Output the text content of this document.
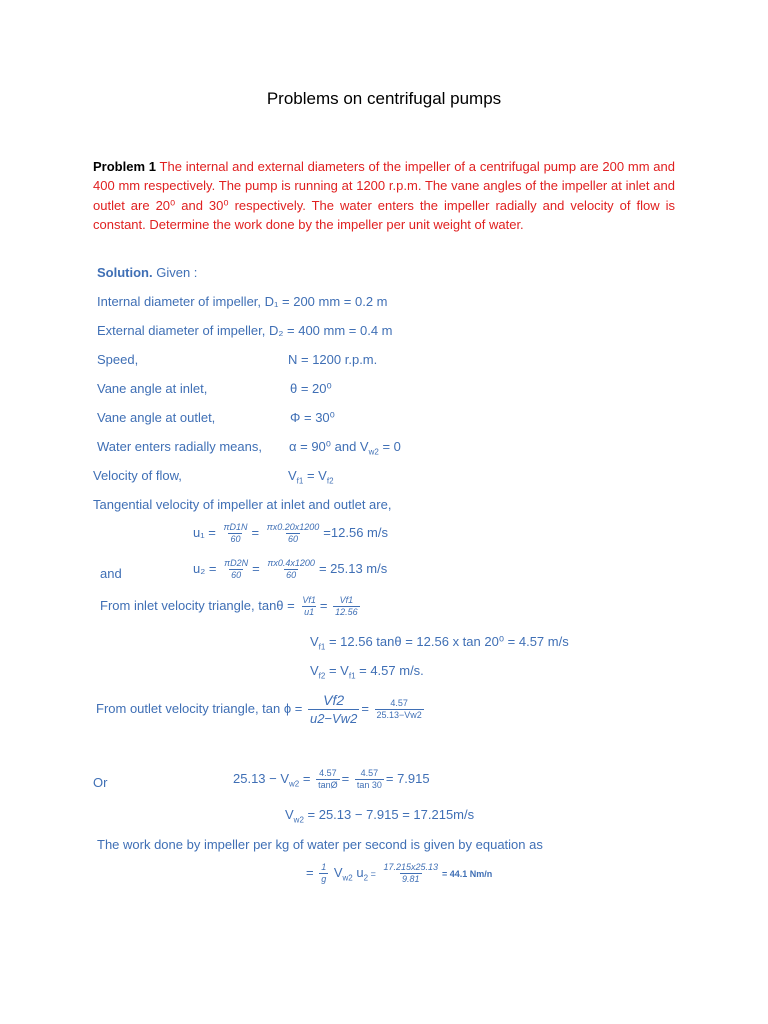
Problems on centrifugal pumps
Problem 1 The internal and external diameters of the impeller of a centrifugal pump are 200 mm and 400 mm respectively. The pump is running at 1200 r.p.m. The vane angles of the impeller at inlet and outlet are 20⁰ and 30⁰ respectively. The water enters the impeller radially and velocity of flow is constant. Determine the work done by the impeller per unit weight of water.
Solution. Given :
Internal diameter of impeller, D₁ = 200 mm = 0.2 m
External diameter of impeller, D₂ = 400 mm = 0.4 m
Speed,	N = 1200 r.p.m.
Vane angle at inlet,	θ = 20⁰
Vane angle at outlet,	Φ = 30⁰
Water enters radially means, α = 90⁰ and $V_{w2} = 0$
Velocity of flow,	$V_{f1} = V_{f2}$
Tangential velocity of impeller at inlet and outlet are,
$u_1 = \frac{\pi D1N}{60} = \frac{\pi x0.20x1200}{60} =12.56$ m/s
and	$u_2 = \frac{\pi D2N}{60} = \frac{\pi x0.4x1200}{60} = 25.13$ m/s
From inlet velocity triangle, $\tan\theta = \frac{Vf1}{u1} = \frac{Vf1}{12.56}$
$V_{f1} = 12.56$ tanθ = 12.56 x tan 20⁰ = 4.57 m/s
$V_{f2} = V_{f1} = 4.57$ m/s.
From outlet velocity triangle, $\tan \phi = \frac{Vf2}{u2-Vw2} = \frac{4.57}{25.13-Vw2}$
Or	$25.13 - V_{w2} = \frac{4.57}{\tan Ø} = \frac{4.57}{\tan 30} = 7.915$
$V_{w2} = 25.13 - 7.915 = 17.215m/s$
The work done by impeller per kg of water per second is given by equation as
= $\frac{1}{g} V_{w2}$ $u_2 = \frac{17.215x25.13}{9.81} = 44.1$ Nm/n
